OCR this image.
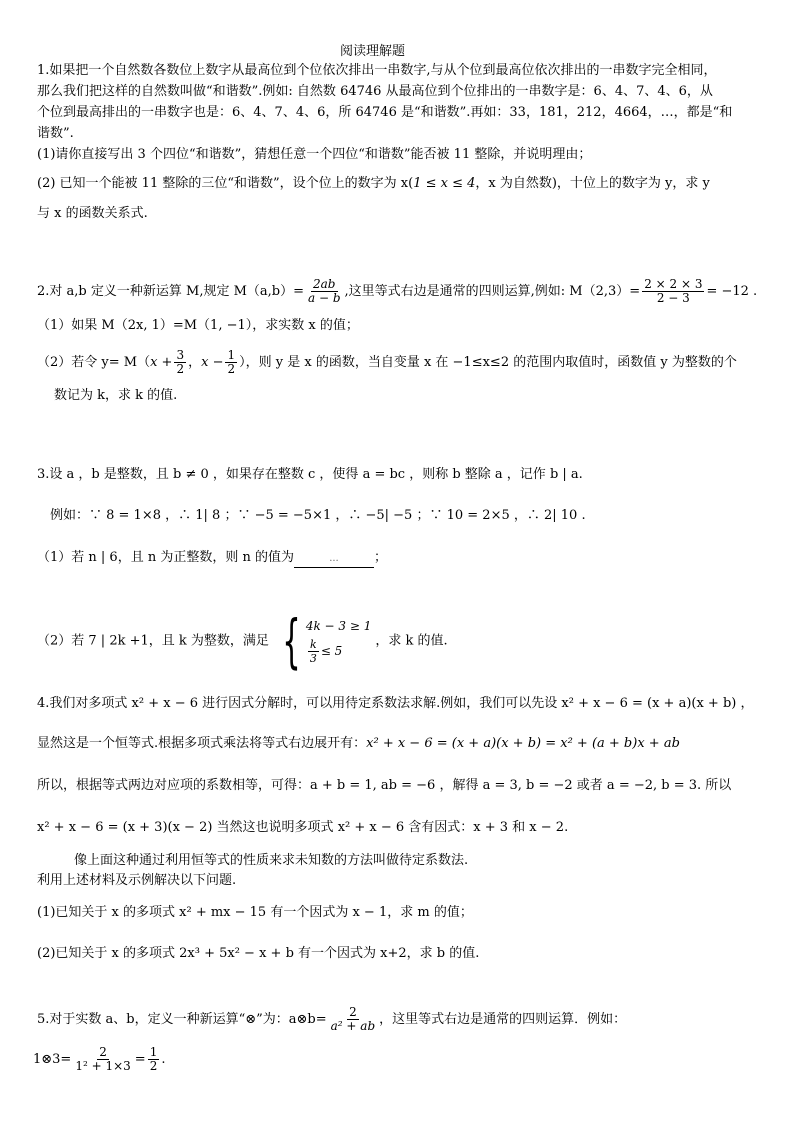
阅读理解题
1.如果把一个自然数各数位上数字从最高位到个位依次排出一串数字,与从个位到最高位依次排出的一串数字完全相同，
那么我们把这样的自然数叫做“和谐数”.例如: 自然数 64746 从最高位到个位排出的一串数字是：6、4、7、4、6，从
个位到最高排出的一串数字也是：6、4、7、4、6，所 64746 是“和谐数”.再如：33，181，212，4664，…，都是“和
谐数”.
(1)请你直接写出 3 个四位“和谐数”，猜想任意一个四位“和谐数”能否被 11 整除，并说明理由；
(2) 已知一个能被 11 整除的三位“和谐数”，设个位上的数字为 x(1 ≤ x ≤ 4，x 为自然数)，十位上的数字为 y，求 y
与 x 的函数关系式.
2.对 a,b 定义一种新运算 M,规定 $M(a,b)= \frac{2ab}{a - b}$ ,这里等式右边是通常的四则运算,例如: $M(2,3)= \frac{2 \times 2 \times 3}{2 - 3} = -12$ .
（1）如果 M（2x, 1）=M（1, −1），求实数 x 的值；
（2）若令 $y= M(x + \frac{3}{2}$ ，$x - \frac{1}{2}$ ），则 y 是 x 的函数，当自变量 x 在 −1≤x≤2 的范围内取值时，函数值 y 为整数的个
数记为 k，求 k 的值.
3.设 a ，b 是整数，且 b ≠ 0 ，如果存在整数 c ，使得 a = bc ，则称 b 整除 a ，记作 b | a.
例如：∵ 8 = 1×8 ，∴ 1| 8 ；∵ −5 = −5×1 ，∴ −5| −5 ；∵ 10 = 2×5 ，∴ 2| 10 .
（1）若 n | 6，且 n 为正整数，则 n 的值为	...	；
（2）若 7 | 2k +1，且 k 为整数，满足 { 4k − 3 ≥ 1
$\frac{k}{3} \le 5$
，求 k 的值.
4.我们对多项式 x² + x − 6 进行因式分解时，可以用待定系数法求解.例如，我们可以先设 x² + x − 6 = (x + a)(x + b) ，
显然这是一个恒等式.根据多项式乘法将等式右边展开有：x² + x − 6 = (x + a)(x + b) = x² + (a + b)x + ab
所以，根据等式两边对应项的系数相等，可得：a + b = 1, ab = −6 ，解得 a = 3, b = −2 或者 a = −2, b = 3. 所以
x² + x − 6 = (x + 3)(x − 2) 当然这也说明多项式 x² + x − 6 含有因式：x + 3 和 x − 2.
像上面这种通过利用恒等式的性质来求未知数的方法叫做待定系数法.
利用上述材料及示例解决以下问题.
(1)已知关于 x 的多项式 x² + mx − 15 有一个因式为 x − 1，求 m 的值；
(2)已知关于 x 的多项式 2x³ + 5x² − x + b 有一个因式为 x+2，求 b 的值.
5.对于实数 a、b，定义一种新运算“⊗”为：a⊗b= $\frac{2}{\text{a² + ab}}$ ，这里等式右边是通常的四则运算．例如：
1⊗3= $\frac{2}{\text{1² + 1×3}} = \frac{1}{2}$ .
